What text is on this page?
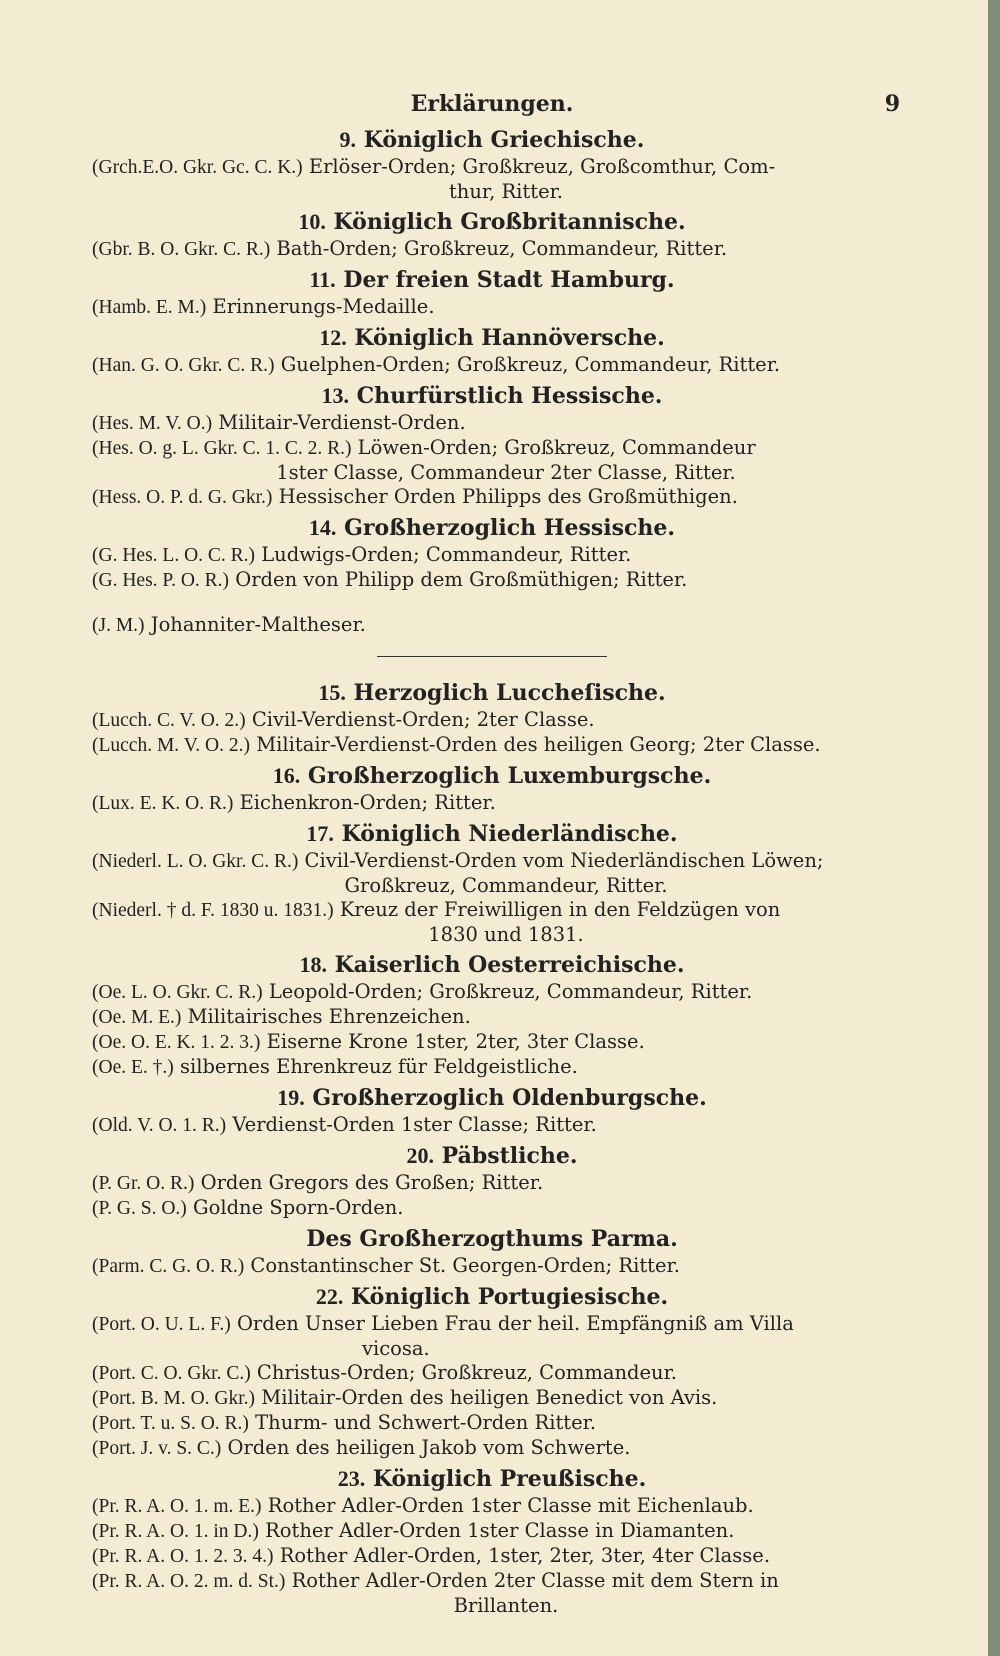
Erklärungen.	9
9. Königlich Griechische.

(Grch.E.O. Gkr. Gc. C. K.) Erlöser-Orden; Großkreuz, Großcomthur, Com-
thur, Ritter.

10. Königlich Großbritannische.

(Gbr. B. O. Gkr. C. R.) Bath-Orden; Großkreuz, Commandeur, Ritter.

11. Der freien Stadt Hamburg.

(Hamb. E. M.) Erinnerungs-Medaille.

12. Königlich Hannöversche.

(Han. G. O. Gkr. C. R.) Guelphen-Orden; Großkreuz, Commandeur, Ritter.

13. Churfürstlich Hessische.

(Hes. M. V. O.) Militair-Verdienst-Orden.

(Hes. O. g. L. Gkr. C. 1. C. 2. R.) Löwen-Orden; Großkreuz, Commandeur
1ster Classe, Commandeur 2ter Classe, Ritter.

(Hess. O. P. d. G. Gkr.) Hessischer Orden Philipps des Großmüthigen.

14. Großherzoglich Hessische.

(G. Hes. L. O. C. R.) Ludwigs-Orden; Commandeur, Ritter.

(G. Hes. P. O. R.) Orden von Philipp dem Großmüthigen; Ritter.

(J. M.) Johanniter-Maltheser.

15. Herzoglich Luccheſische.

(Lucch. C. V. O. 2.) Civil-Verdienst-Orden; 2ter Classe.

(Lucch. M. V. O. 2.) Militair-Verdienst-Orden des heiligen Georg; 2ter Classe.

16. Großherzoglich Luxemburgsche.

(Lux. E. K. O. R.) Eichenkron-Orden; Ritter.

17. Königlich Niederländische.

(Niederl. L. O. Gkr. C. R.) Civil-Verdienst-Orden vom Niederländischen Löwen;
Großkreuz, Commandeur, Ritter.

(Niederl. † d. F. 1830 u. 1831.) Kreuz der Freiwilligen in den Feldzügen von
1830 und 1831.

18. Kaiserlich Oesterreichische.

(Oe. L. O. Gkr. C. R.) Leopold-Orden; Großkreuz, Commandeur, Ritter.

(Oe. M. E.) Militairisches Ehrenzeichen.

(Oe. O. E. K. 1. 2. 3.) Eiserne Krone 1ster, 2ter, 3ter Classe.

(Oe. E. †.) silbernes Ehrenkreuz für Feldgeistliche.

19. Großherzoglich Oldenburgsche.

(Old. V. O. 1. R.) Verdienst-Orden 1ster Classe; Ritter.

20. Päbstliche.

(P. Gr. O. R.) Orden Gregors des Großen; Ritter.

(P. G. S. O.) Goldne Sporn-Orden.

Des Großherzogthums Parma.

(Parm. C. G. O. R.) Constantinscher St. Georgen-Orden; Ritter.

22. Königlich Portugiesische.

(Port. O. U. L. F.) Orden Unser Lieben Frau der heil. Empfängniß am Villa
vicosa.

(Port. C. O. Gkr. C.) Christus-Orden; Großkreuz, Commandeur.

(Port. B. M. O. Gkr.) Militair-Orden des heiligen Benedict von Avis.

(Port. T. u. S. O. R.) Thurm- und Schwert-Orden Ritter.

(Port. J. v. S. C.) Orden des heiligen Jakob vom Schwerte.

23. Königlich Preußische.

(Pr. R. A. O. 1. m. E.) Rother Adler-Orden 1ster Classe mit Eichenlaub.

(Pr. R. A. O. 1. in D.) Rother Adler-Orden 1ster Classe in Diamanten.

(Pr. R. A. O. 1. 2. 3. 4.) Rother Adler-Orden, 1ster, 2ter, 3ter, 4ter Classe.

(Pr. R. A. O. 2. m. d. St.) Rother Adler-Orden 2ter Classe mit dem Stern in
Brillanten.
